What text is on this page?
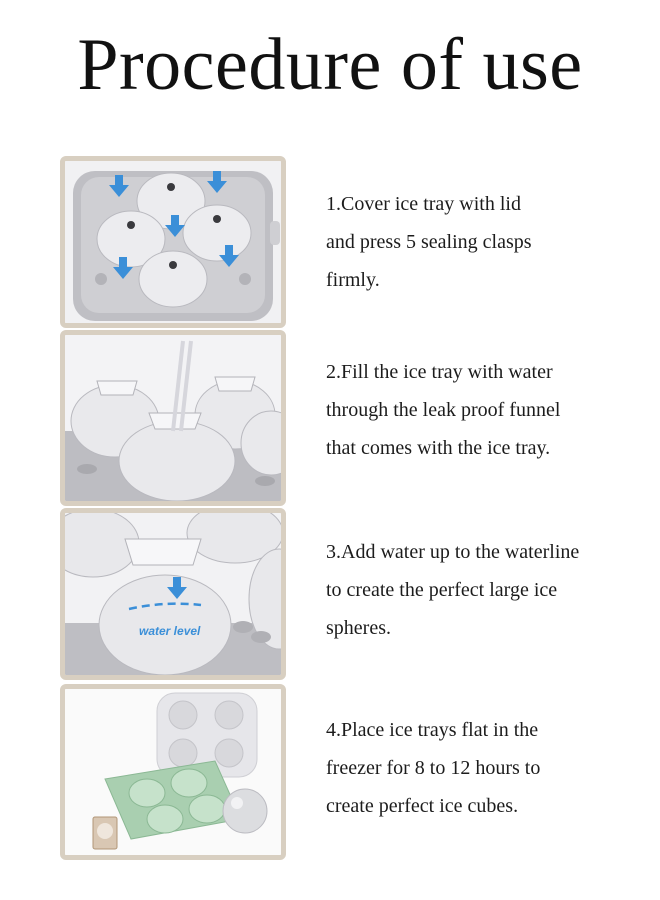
Procedure of use
1.Cover ice tray with lid
and press 5 sealing clasps
firmly.
2.Fill the ice tray with water
through the leak proof funnel
that comes with the ice tray.
water level
3.Add water up to the waterline
to create the perfect large ice
spheres.
4.Place ice trays flat in the
freezer for 8 to 12 hours to
create perfect ice cubes.
